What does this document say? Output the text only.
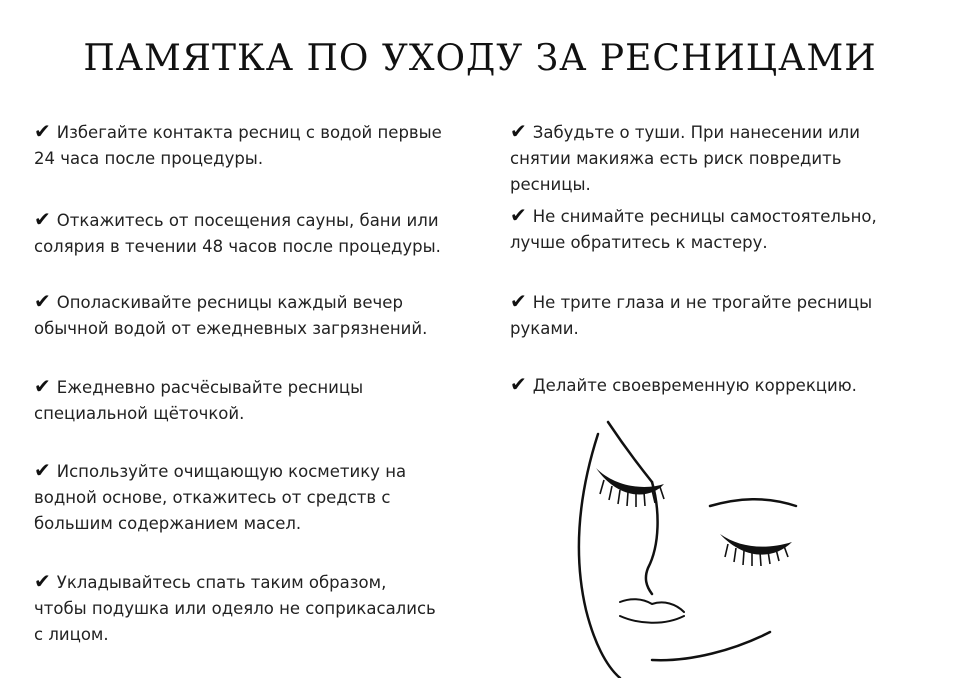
ПАМЯТКА ПО УХОДУ ЗА РЕСНИЦАМИ
✔ Избегайте контакта ресниц с водой первые
24 часа после процедуры.
✔ Откажитесь от посещения сауны, бани или
солярия в течении 48 часов после процедуры.
✔ Ополаскивайте ресницы каждый вечер
обычной водой от ежедневных загрязнений.
✔ Ежедневно расчёсывайте ресницы
специальной щёточкой.
✔ Используйте очищающую косметику на
водной основе, откажитесь от средств с
большим содержанием масел.
✔ Укладывайтесь спать таким образом,
чтобы подушка или одеяло не соприкасались
с лицом.
✔ Забудьте о туши. При нанесении или
снятии макияжа есть риск повредить
ресницы.
✔ Не снимайте ресницы самостоятельно,
лучше обратитесь к мастеру.
✔ Не трите глаза и не трогайте ресницы
руками.
✔ Делайте своевременную коррекцию.
